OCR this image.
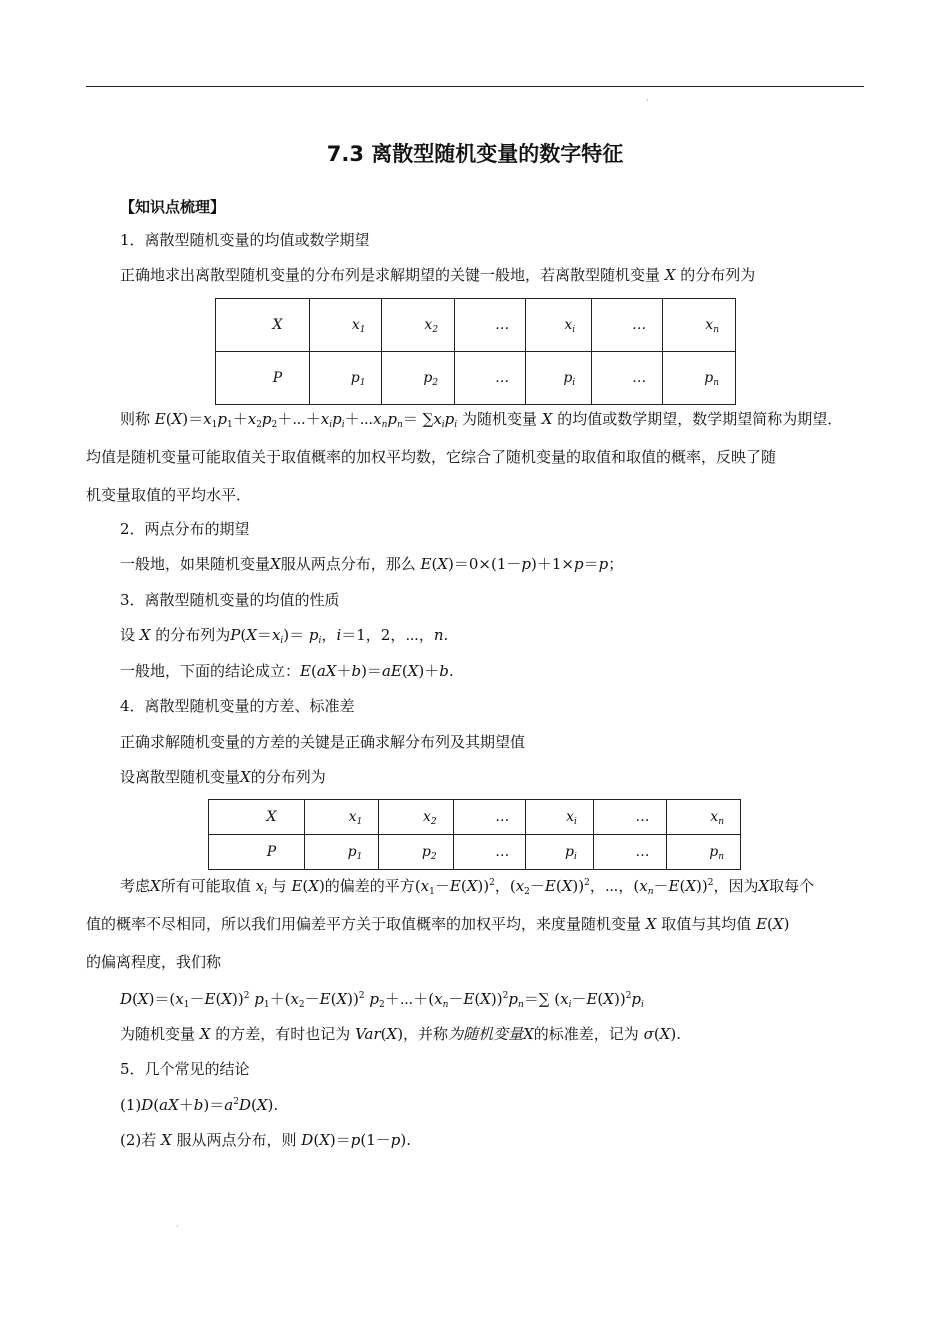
·
7.3 离散型随机变量的数字特征
【知识点梳理】
1．离散型随机变量的均值或数学期望
正确地求出离散型随机变量的分布列是求解期望的关键一般地，若离散型随机变量 X 的分布列为
X	$x_1$	$x_2$	…	$x_i$	…	$x_n$
P	$p_1$	$p_2$	…	$p_i$	…	$p_n$
则称 $E(X)=x_1p_1+x_2p_2+\cdots+x_ip_i+\cdots x_np_n= \sum x_ip_i$ 为随机变量 X 的均值或数学期望，数学期望简称为期望．
均值是随机变量可能取值关于取值概率的加权平均数，它综合了随机变量的取值和取值的概率，反映了随
机变量取值的平均水平．
2．两点分布的期望
一般地，如果随机变量X服从两点分布，那么 E(X)＝0×(1－p)＋1×p＝p；
3．离散型随机变量的均值的性质
设 X 的分布列为$P(X=x_i)= p_i$，i＝1，2，⋯，n.
一般地，下面的结论成立：E(aX＋b)＝aE(X)＋b.
4．离散型随机变量的方差、标准差
正确求解随机变量的方差的关键是正确求解分布列及其期望值
设离散型随机变量X的分布列为
X	$x_1$	$x_2$	…	$x_i$	…	$x_n$
P	$p_1$	$p_2$	…	$p_i$	…	$p_n$
考虑X所有可能取值 $x_i$ 与 E(X)的偏差的平方$(x_1-E(X))^2$，$(x_2-E(X))^2$，⋯，$(x_n-E(X))^2$，因为X取每个
值的概率不尽相同，所以我们用偏差平方关于取值概率的加权平均，来度量随机变量 X 取值与其均值 E(X)
的偏离程度，我们称
$D(X)=(x_1-E(X))^2$ $p_1+(x_2-E(X))^2$ $p_2+\cdots+(x_n-E(X))^2p_n=\sum$ $(x_i-E(X))^2p_i$
为随机变量 X 的方差，有时也记为 Var(X)，并称为随机变量X的标准差，记为 σ(X).
5．几个常见的结论
$(1)D(aX+b)=a^2D(X)$.
(2)若 X 服从两点分布，则 D(X)＝p(1－p).
·
